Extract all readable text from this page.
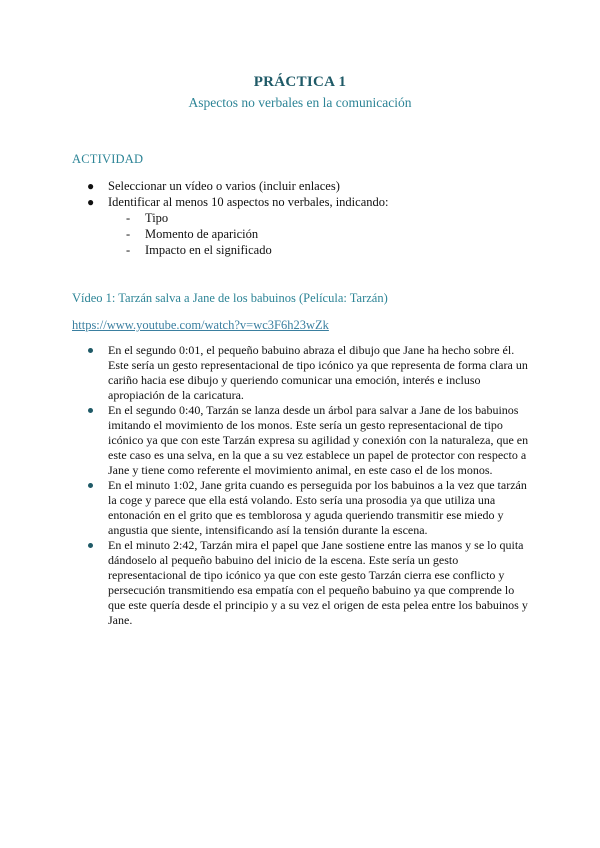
PRÁCTICA 1
Aspectos no verbales en la comunicación
ACTIVIDAD
● Seleccionar un vídeo o varios (incluir enlaces)
● Identificar al menos 10 aspectos no verbales, indicando:
- Tipo
- Momento de aparición
- Impacto en el significado
Vídeo 1: Tarzán salva a Jane de los babuinos (Película: Tarzán)
https://www.youtube.com/watch?v=wc3F6h23wZk

En el segundo 0:01, el pequeño babuino abraza el dibujo que Jane ha hecho sobre él. Este sería un gesto representacional de tipo icónico ya que representa de forma clara un cariño hacia ese dibujo y queriendo comunicar una emoción, interés e incluso apropiación de la caricatura.

En el segundo 0:40, Tarzán se lanza desde un árbol para salvar a Jane de los babuinos imitando el movimiento de los monos. Este sería un gesto representacional de tipo icónico ya que con este Tarzán expresa su agilidad y conexión con la naturaleza, que en este caso es una selva, en la que a su vez establece un papel de protector con respecto a Jane y tiene como referente el movimiento animal, en este caso el de los monos.

En el minuto 1:02, Jane grita cuando es perseguida por los babuinos a la vez que tarzán la coge y parece que ella está volando. Esto sería una prosodia ya que utiliza una entonación en el grito que es temblorosa y aguda queriendo transmitir ese miedo y angustia que siente, intensificando así la tensión durante la escena.

En el minuto 2:42, Tarzán mira el papel que Jane sostiene entre las manos y se lo quita dándoselo al pequeño babuino del inicio de la escena. Este sería un gesto representacional de tipo icónico ya que con este gesto Tarzán cierra ese conflicto y persecución transmitiendo esa empatía con el pequeño babuino ya que comprende lo que este quería desde el principio y a su vez el origen de esta pelea entre los babuinos y Jane.
